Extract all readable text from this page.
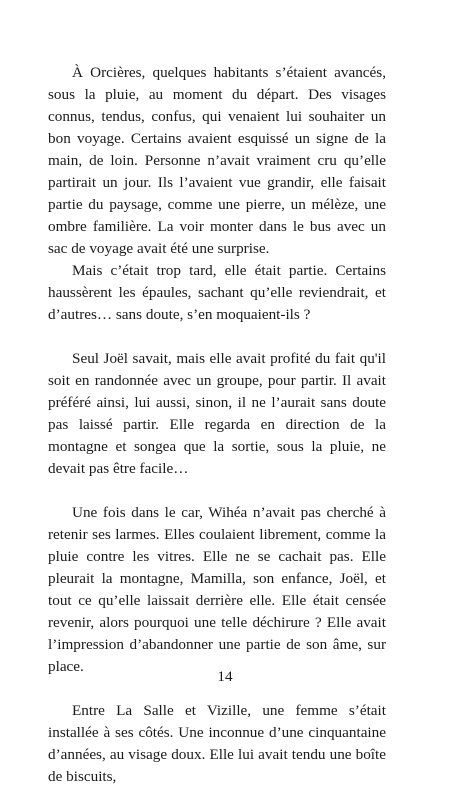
À Orcières, quelques habitants s’étaient avancés, sous la pluie, au moment du départ. Des visages connus, tendus, confus, qui venaient lui souhaiter un bon voyage. Certains avaient esquissé un signe de la main, de loin. Personne n’avait vraiment cru qu’elle partirait un jour. Ils l’avaient vue grandir, elle faisait partie du paysage, comme une pierre, un mélèze, une ombre familière. La voir monter dans le bus avec un sac de voyage avait été une surprise.

Mais c’était trop tard, elle était partie. Certains haussèrent les épaules, sachant qu’elle reviendrait, et d’autres… sans doute, s’en moquaient-ils ?

Seul Joël savait, mais elle avait profité du fait qu'il soit en randonnée avec un groupe, pour partir. Il avait préféré ainsi, lui aussi, sinon, il ne l’aurait sans doute pas laissé partir. Elle regarda en direction de la montagne et songea que la sortie, sous la pluie, ne devait pas être facile…

Une fois dans le car, Wihéa n’avait pas cherché à retenir ses larmes. Elles coulaient librement, comme la pluie contre les vitres. Elle ne se cachait pas. Elle pleurait la montagne, Mamilla, son enfance, Joël, et tout ce qu’elle laissait derrière elle. Elle était censée revenir, alors pourquoi une telle déchirure ? Elle avait l’impression d’abandonner une partie de son âme, sur place.

Entre La Salle et Vizille, une femme s’était installée à ses côtés. Une inconnue d’une cinquantaine d’années, au visage doux. Elle lui avait tendu une boîte de biscuits,

14
